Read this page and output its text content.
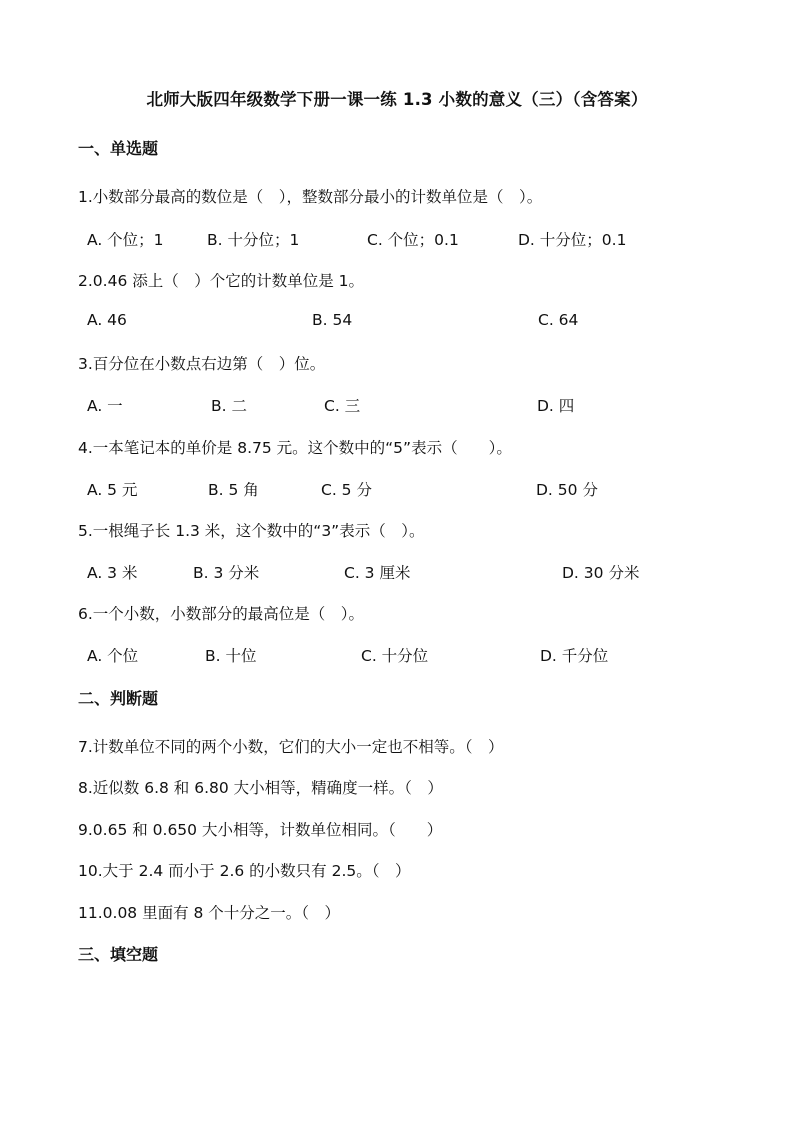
北师大版四年级数学下册一课一练 1.3 小数的意义（三）（含答案）
一、单选题
1.小数部分最高的数位是（　），整数部分最小的计数单位是（　）。
A. 个位；1	B. 十分位；1	C. 个位；0.1	D. 十分位；0.1
2.0.46 添上（　）个它的计数单位是 1。
A. 46	B. 54	C. 64
3.百分位在小数点右边第（　）位。
A. 一	B. 二	C. 三	D. 四
4.一本笔记本的单价是 8.75 元。这个数中的“5”表示（　　）。
A. 5 元	B. 5 角	C. 5 分	D. 50 分
5.一根绳子长 1.3 米，这个数中的“3”表示（　）。
A. 3 米	B. 3 分米	C. 3 厘米	D. 30 分米
6.一个小数，小数部分的最高位是（　）。
A. 个位	B. 十位	C. 十分位	D. 千分位
二、判断题
7.计数单位不同的两个小数，它们的大小一定也不相等。（　）
8.近似数 6.8 和 6.80 大小相等，精确度一样。（　）
9.0.65 和 0.650 大小相等，计数单位相同。（　　）
10.大于 2.4 而小于 2.6 的小数只有 2.5。（　）
11.0.08 里面有 8 个十分之一。（　）
三、填空题
